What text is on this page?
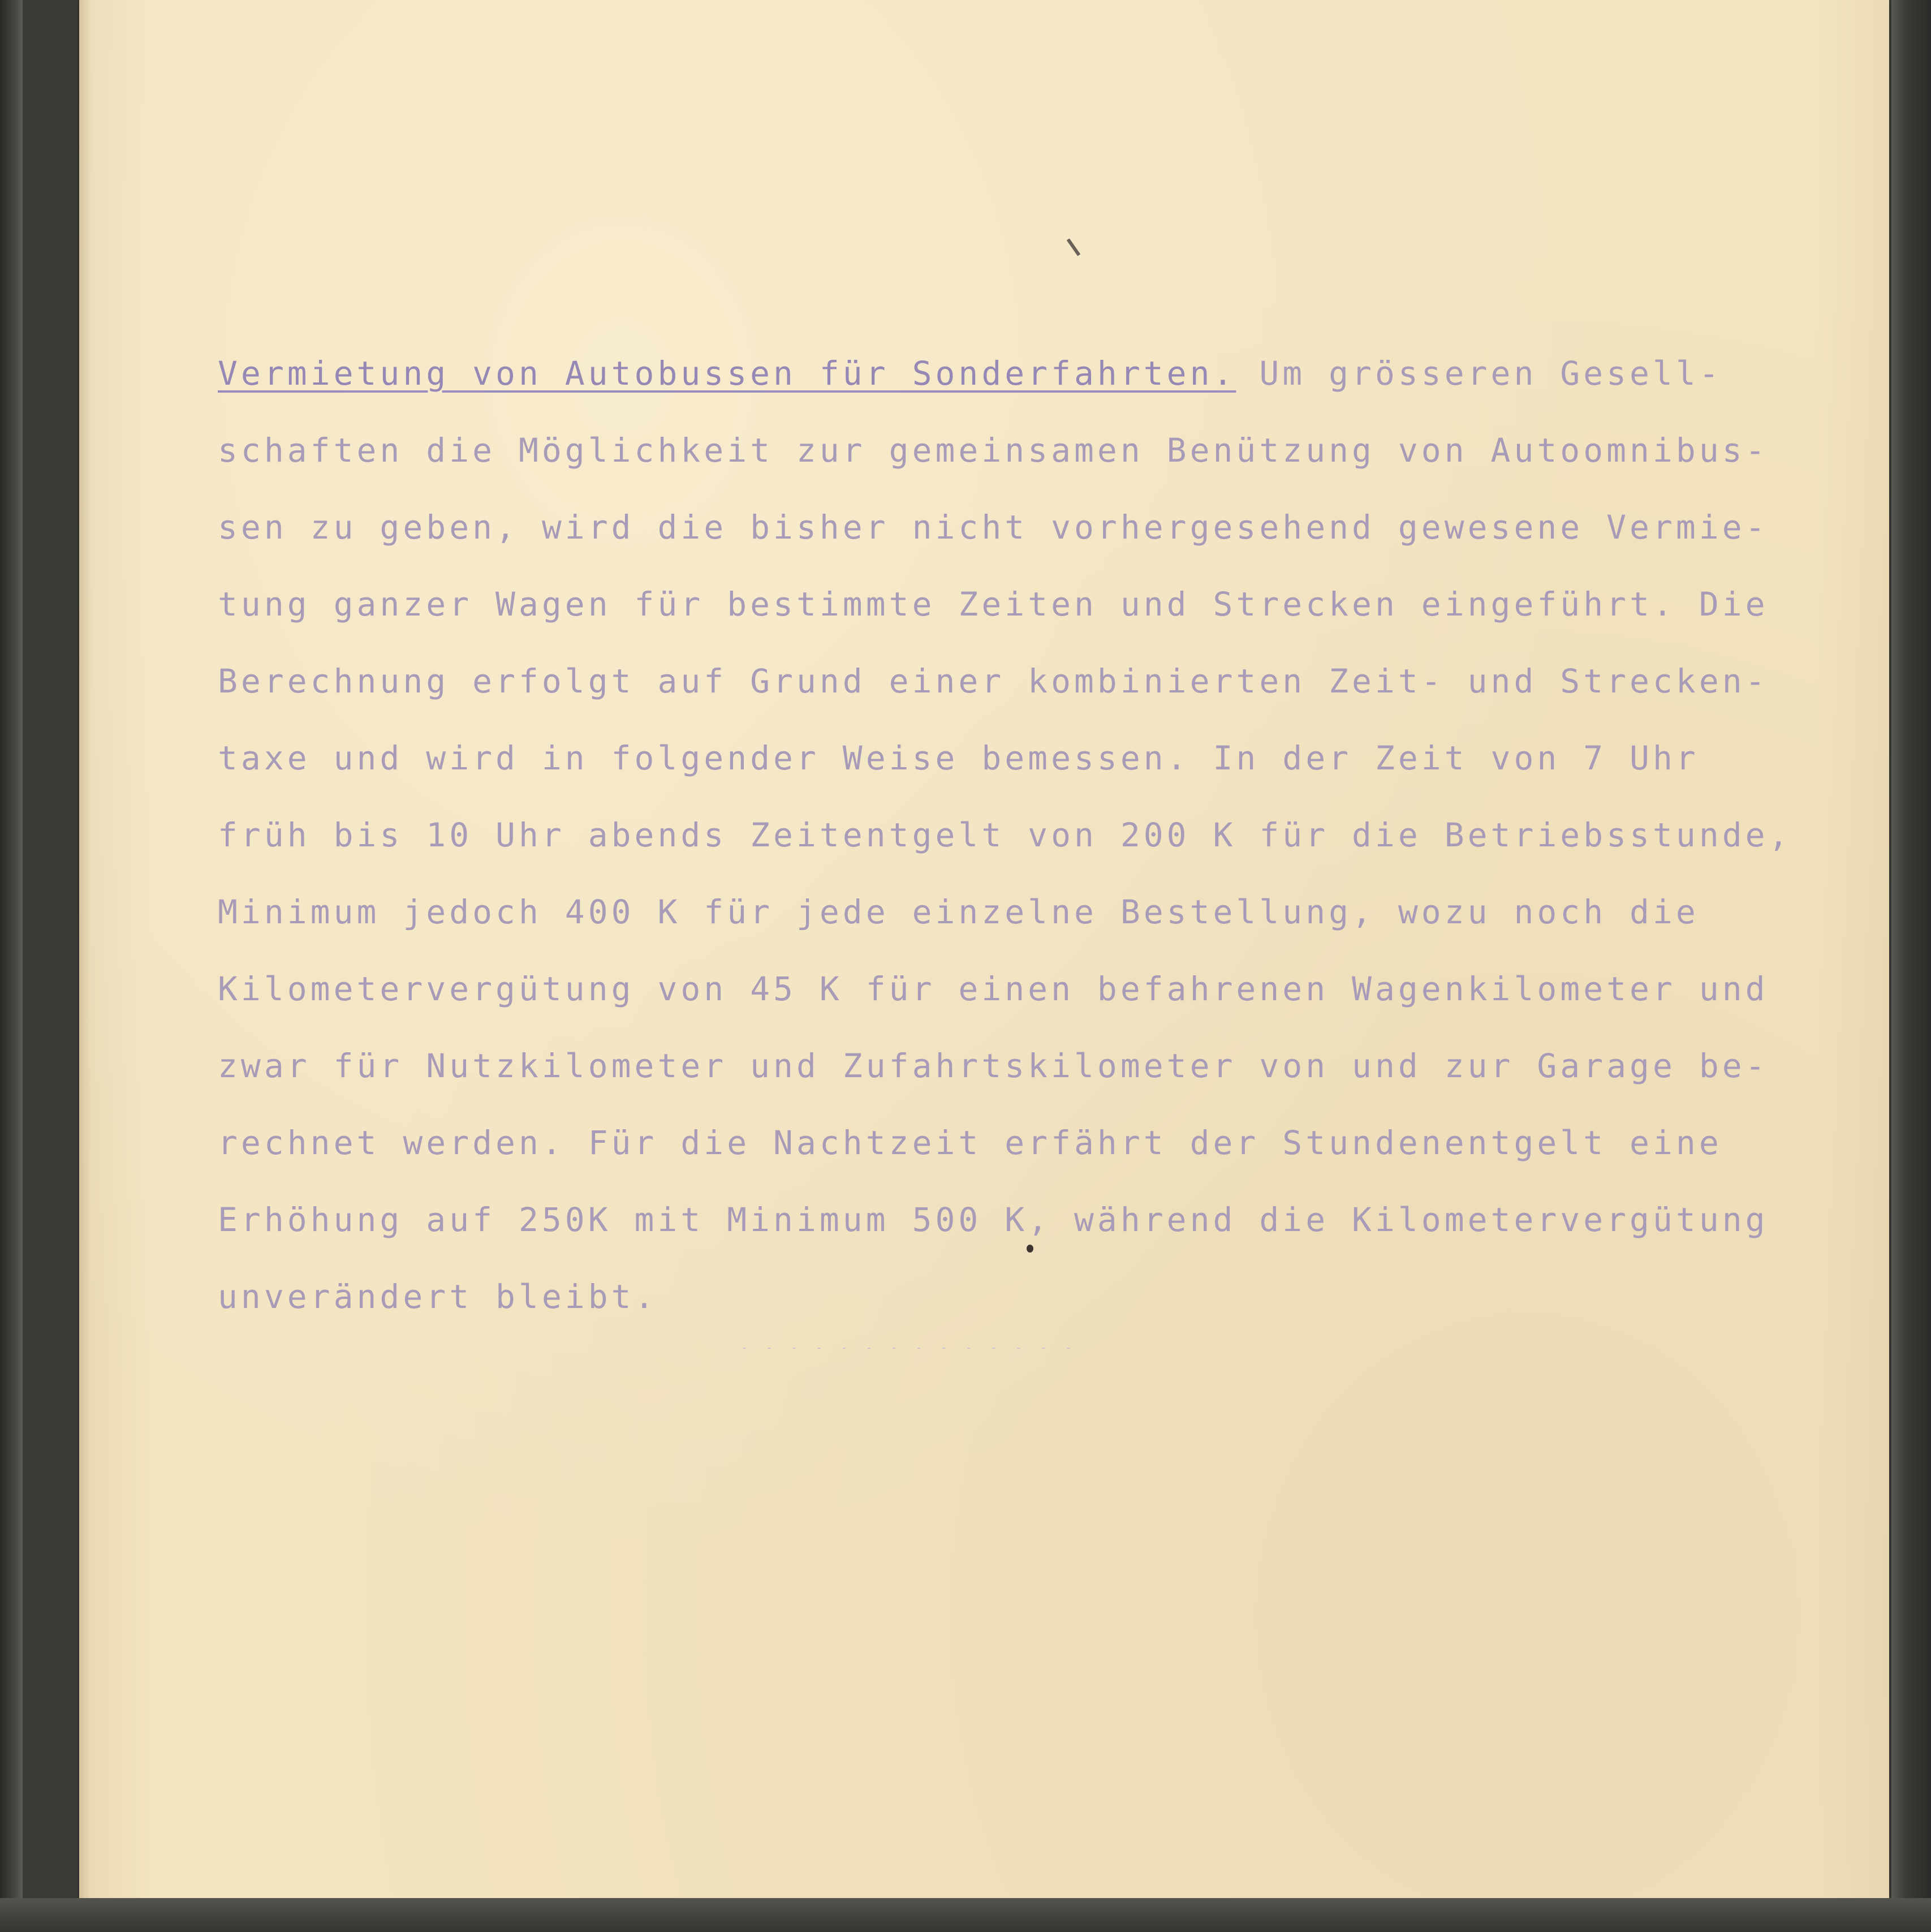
Vermietung von Autobussen für Sonderfahrten. Um grösseren Gesell-
schaften die Möglichkeit zur gemeinsamen Benützung von Autoomnibus-
sen zu geben, wird die bisher nicht vorhergesehend gewesene Vermie-
tung ganzer Wagen für bestimmte Zeiten und Strecken eingeführt. Die
Berechnung erfolgt auf Grund einer kombinierten Zeit- und Strecken-
taxe und wird in folgender Weise bemessen. In der Zeit von 7 Uhr
früh bis 10 Uhr abends Zeitentgelt von 200 K für die Betriebsstunde,
Minimum jedoch 400 K für jede einzelne Bestellung, wozu noch die
Kilometervergütung von 45 K für einen befahrenen Wagenkilometer und
zwar für Nutzkilometer und Zufahrtskilometer von und zur Garage be-
rechnet werden. Für die Nachtzeit erfährt der Stundenentgelt eine
Erhöhung auf 250K mit Minimum 500 K, während die Kilometervergütung
unverändert bleibt.
- - - - - - - - - - - - - -
